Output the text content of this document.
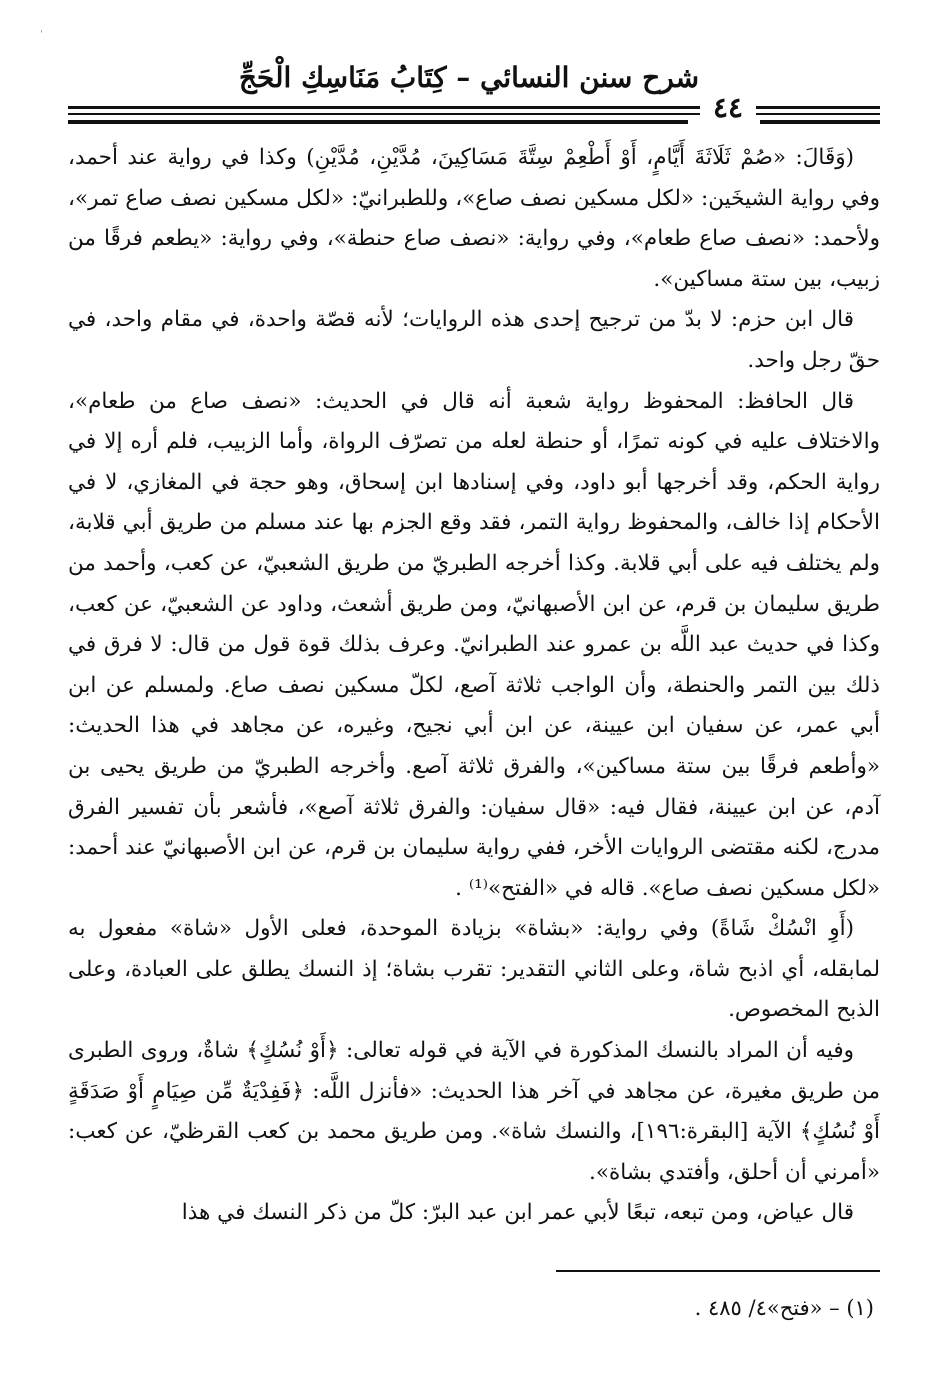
ˈ
شرح سنن النسائي – كِتَابُ مَنَاسِكِ الْحَجِّ
٤٤

(وَقَالَ: «صُمْ ثَلَاثَةَ أَيَّامٍ، أَوْ أَطْعِمْ سِتَّةَ مَسَاكِينَ، مُدَّيْنِ، مُدَّيْنِ) وكذا في رواية عند أحمد، وفي رواية الشيخَين: «لكل مسكين نصف صاع»، وللطبرانيّ: «لكل مسكين نصف صاع تمر»، ولأحمد: «نصف صاع طعام»، وفي رواية: «نصف صاع حنطة»، وفي رواية: «يطعم فرقًا من زبيب، بين ستة مساكين».

قال ابن حزم: لا بدّ من ترجيح إحدى هذه الروايات؛ لأنه قصّة واحدة، في مقام واحد، في حقّ رجل واحد.

قال الحافظ: المحفوظ رواية شعبة أنه قال في الحديث: «نصف صاع من طعام»، والاختلاف عليه في كونه تمرًا، أو حنطة لعله من تصرّف الرواة، وأما الزبيب، فلم أره إلا في رواية الحكم، وقد أخرجها أبو داود، وفي إسنادها ابن إسحاق، وهو حجة في المغازي، لا في الأحكام إذا خالف، والمحفوظ رواية التمر، فقد وقع الجزم بها عند مسلم من طريق أبي قلابة، ولم يختلف فيه على أبي قلابة. وكذا أخرجه الطبريّ من طريق الشعبيّ، عن كعب، وأحمد من طريق سليمان بن قرم، عن ابن الأصبهانيّ، ومن طريق أشعث، وداود عن الشعبيّ، عن كعب، وكذا في حديث عبد اللَّه بن عمرو عند الطبرانيّ. وعرف بذلك قوة قول من قال: لا فرق في ذلك بين التمر والحنطة، وأن الواجب ثلاثة آصع، لكلّ مسكين نصف صاع. ولمسلم عن ابن أبي عمر، عن سفيان ابن عيينة، عن ابن أبي نجيح، وغيره، عن مجاهد في هذا الحديث: «وأطعم فرقًا بين ستة مساكين»، والفرق ثلاثة آصع. وأخرجه الطبريّ من طريق يحيى بن آدم، عن ابن عيينة، فقال فيه: «قال سفيان: والفرق ثلاثة آصع»، فأشعر بأن تفسير الفرق مدرج، لكنه مقتضى الروايات الأخر، ففي رواية سليمان بن قرم، عن ابن الأصبهانيّ عند أحمد: «لكل مسكين نصف صاع». قاله في «الفتح»⁽¹⁾ .

(أَوِ انْسُكْ شَاةً) وفي رواية: «بشاة» بزيادة الموحدة، فعلى الأول «شاة» مفعول به لمابقله، أي اذبح شاة، وعلى الثاني التقدير: تقرب بشاة؛ إذ النسك يطلق على العبادة، وعلى الذبح المخصوص.

وفيه أن المراد بالنسك المذكورة في الآية في قوله تعالى: ﴿أَوْ نُسُكٍ﴾ شاةٌ، وروى الطبرى من طريق مغيرة، عن مجاهد في آخر هذا الحديث: «فأنزل اللَّه: ﴿فَفِدْيَةٌ مِّن صِيَامٍ أَوْ صَدَقَةٍ أَوْ نُسُكٍ﴾ الآية [البقرة:١٩٦]، والنسك شاة». ومن طريق محمد بن كعب القرظيّ، عن كعب: «أمرني أن أحلق، وأفتدي بشاة».

قال عياض، ومن تبعه، تبعًا لأبي عمر ابن عبد البرّ: كلّ من ذكر النسك في هذا

(١) – «فتح»٤/ ٤٨٥ .
